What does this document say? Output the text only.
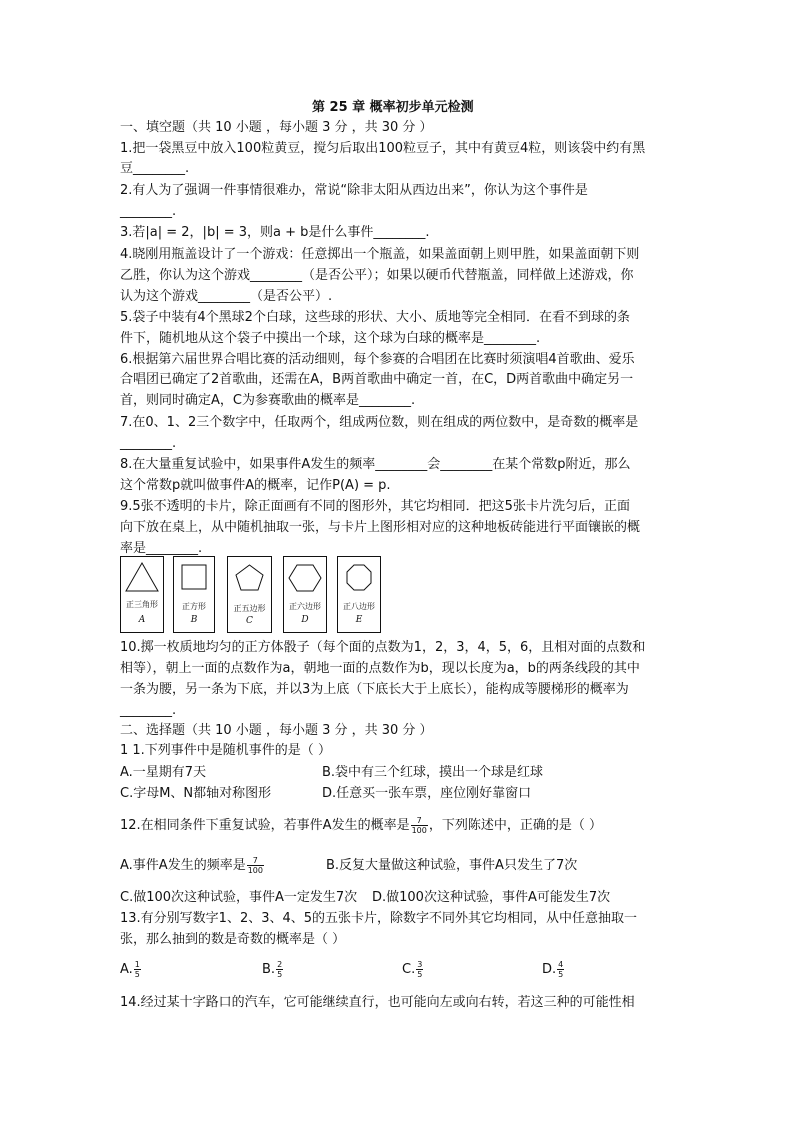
第 25 章 概率初步单元检测
一、填空题（共 10 小题 ，每小题 3 分 ，共 30 分 ）
1.把一袋黑豆中放入100粒黄豆，搅匀后取出100粒豆子，其中有黄豆4粒，则该袋中约有黑
豆________.
2.有人为了强调一件事情很难办，常说“除非太阳从西边出来”，你认为这个事件是
________.
3.若|a| = 2，|b| = 3，则a + b是什么事件________.
4.晓刚用瓶盖设计了一个游戏：任意掷出一个瓶盖，如果盖面朝上则甲胜，如果盖面朝下则
乙胜，你认为这个游戏________（是否公平）；如果以硬币代替瓶盖，同样做上述游戏，你
认为这个游戏________（是否公平）.
5.袋子中装有4个黑球2个白球，这些球的形状、大小、质地等完全相同．在看不到球的条
件下，随机地从这个袋子中摸出一个球，这个球为白球的概率是________.
6.根据第六届世界合唱比赛的活动细则，每个参赛的合唱团在比赛时须演唱4首歌曲、爱乐
合唱团已确定了2首歌曲，还需在A，B两首歌曲中确定一首，在C，D两首歌曲中确定另一
首，则同时确定A，C为参赛歌曲的概率是________.
7.在0、1、2三个数字中，任取两个，组成两位数，则在组成的两位数中，是奇数的概率是
________.
8.在大量重复试验中，如果事件A发生的频率________会________在某个常数p附近，那么
这个常数p就叫做事件A的概率，记作P(A) = p.
9.5张不透明的卡片，除正面画有不同的图形外，其它均相同．把这5张卡片洗匀后，正面
向下放在桌上，从中随机抽取一张，与卡片上图形相对应的这种地板砖能进行平面镶嵌的概
率是________.
正三角形
A
正方形
B
正五边形
C
正六边形
D
正八边形
E
10.掷一枚质地均匀的正方体骰子（每个面的点数为1，2，3，4，5，6，且相对面的点数和
相等），朝上一面的点数作为a，朝地一面的点数作为b，现以长度为a，b的两条线段的其中
一条为腰，另一条为下底，并以3为上底（下底长大于上底长），能构成等腰梯形的概率为
________.
二、选择题（共 10 小题 ，每小题 3 分 ，共 30 分 ）
1 1.下列事件中是随机事件的是（ ）
A.一星期有7天	B.袋中有三个红球，摸出一个球是红球
C.字母M、N都轴对称图形	D.任意买一张车票，座位刚好靠窗口
12.在相同条件下重复试验，若事件A发生的概率是 $\frac{7}{100}$ ，下列陈述中，正确的是（ ）
A.事件A发生的频率是 $\frac{7}{100}$	B.反复大量做这种试验，事件A只发生了7次
C.做100次这种试验，事件A一定发生7次 D.做100次这种试验，事件A可能发生7次
13.有分别写数字1、2、3、4、5的五张卡片，除数字不同外其它均相同，从中任意抽取一
张，那么抽到的数是奇数的概率是（ ）
A. $\frac{1}{5}$	B. $\frac{2}{5}$	C. $\frac{3}{5}$	D. $\frac{4}{5}$
14.经过某十字路口的汽车，它可能继续直行，也可能向左或向右转，若这三种的可能性相
